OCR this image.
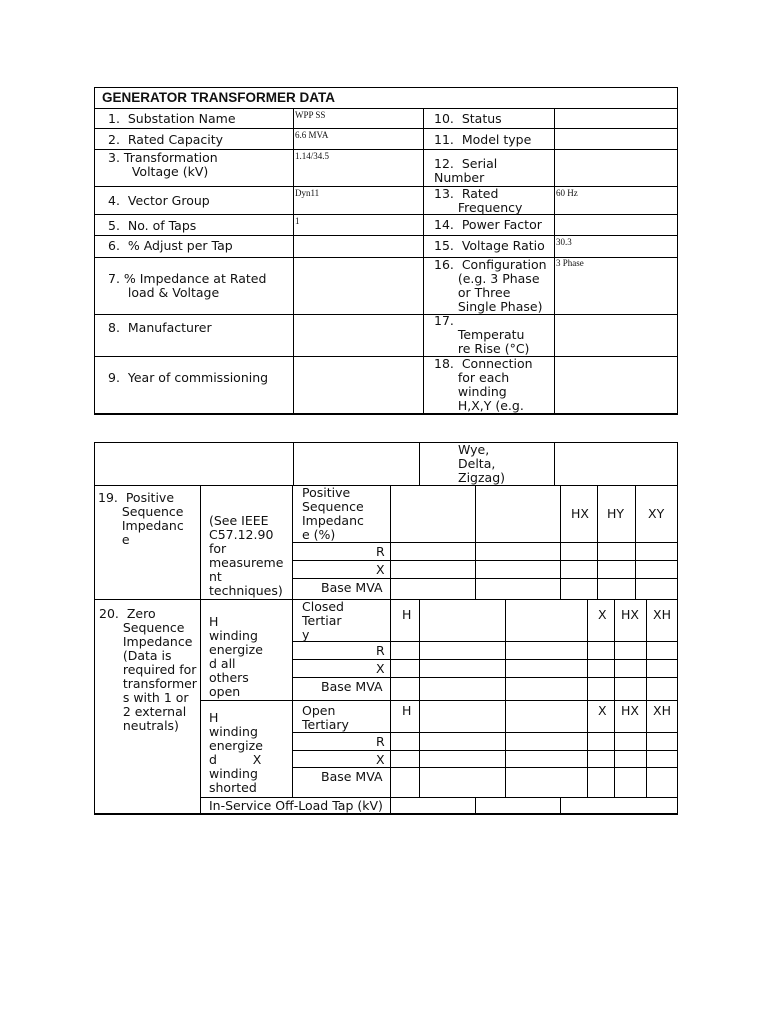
GENERATOR TRANSFORMER DATA
1.  Substation Name
2.  Rated Capacity
3. Transformation
Voltage (kV)
4.  Vector Group
5.  No. of Taps
6.  % Adjust per Tap
7. % Impedance at Rated
load & Voltage
8.  Manufacturer
9.  Year of commissioning
WPP SS
6.6 MVA
1.14/34.5
Dyn11
1
10.  Status
11.  Model type
12.  Serial
Number
13.  Rated
Frequency
14.  Power Factor
15.  Voltage Ratio
16.  Configuration
(e.g. 3 Phase
or Three
Single Phase)
17.
Temperatu
re Rise (°C)
18.  Connection
for each
winding
H,X,Y (e.g.
60 Hz
30.3
3 Phase
Wye,
Delta,
Zigzag)
19.  Positive
Sequence
Impedanc
e
(See IEEE
C57.12.90
for
measureme
nt
techniques)
Positive
Sequence
Impedanc
e (%)
HX HY XY
R
X
Base MVA
20.  Zero
Sequence
Impedance
(Data is
required for
transformer
s with 1 or
2 external
neutrals)
H
winding
energize
d all
others
open
Closed
Tertiar
y
H	X HX XH
R
X
Base MVA
H
winding
energize
d         X
winding
shorted
Open
Tertiary
H	X HX XH
R
X
Base MVA
In-Service Off-Load Tap (kV)
